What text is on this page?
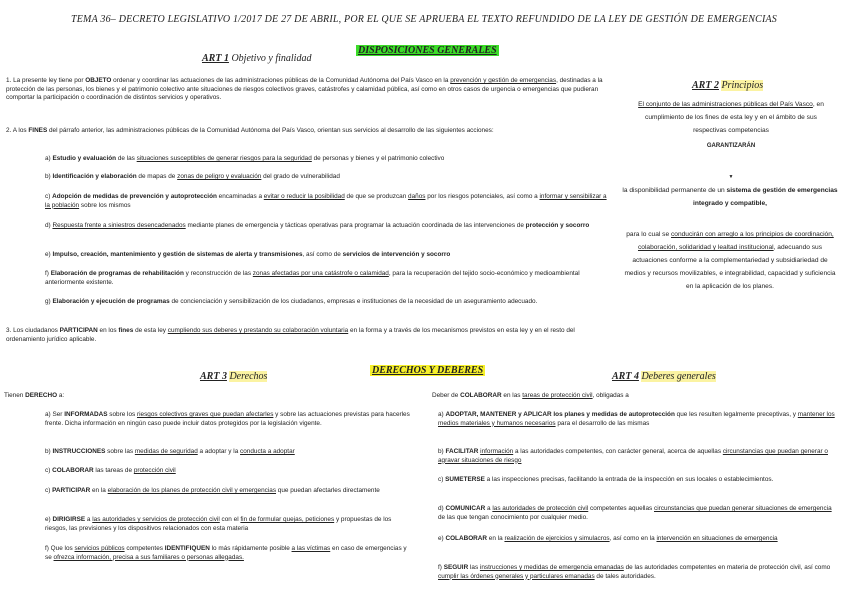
TEMA 36– DECRETO LEGISLATIVO 1/2017 DE 27 DE ABRIL, POR EL QUE SE APRUEBA EL TEXTO REFUNDIDO DE LA LEY DE GESTIÓN DE EMERGENCIAS
DISPOSICIONES GENERALES
ART 1 Objetivo y finalidad
1. La presente ley tiene por OBJETO ordenar y coordinar las actuaciones de las administraciones públicas de la Comunidad Autónoma del País Vasco en la prevención y gestión de emergencias, destinadas a la protección de las personas, los bienes y el patrimonio colectivo ante situaciones de riesgos colectivos graves, catástrofes y calamidad pública, así como en otros casos de urgencia o emergencias que pudieran comportar la participación o coordinación de distintos servicios y operativos.
2. A los FINES del párrafo anterior, las administraciones públicas de la Comunidad Autónoma del País Vasco, orientan sus servicios al desarrollo de las siguientes acciones:
a) Estudio y evaluación de las situaciones susceptibles de generar riesgos para la seguridad de personas y bienes y el patrimonio colectivo
b) Identificación y elaboración de mapas de zonas de peligro y evaluación del grado de vulnerabilidad
c) Adopción de medidas de prevención y autoprotección encaminadas a evitar o reducir la posibilidad de que se produzcan daños por los riesgos potenciales, así como a informar y sensibilizar a la población sobre los mismos
d) Respuesta frente a siniestros desencadenados mediante planes de emergencia y tácticas operativas para programar la actuación coordinada de las intervenciones de protección y socorro
e) Impulso, creación, mantenimiento y gestión de sistemas de alerta y transmisiones, así como de servicios de intervención y socorro
f) Elaboración de programas de rehabilitación y reconstrucción de las zonas afectadas por una catástrofe o calamidad, para la recuperación del tejido socio-económico y medioambiental anteriormente existente.
g) Elaboración y ejecución de programas de concienciación y sensibilización de los ciudadanos, empresas e instituciones de la necesidad de un aseguramiento adecuado.
3. Los ciudadanos PARTICIPAN en los fines de esta ley cumpliendo sus deberes y prestando su colaboración voluntaria en la forma y a través de los mecanismos previstos en esta ley y en el resto del ordenamiento jurídico aplicable.
ART 2 Principios
El conjunto de las administraciones públicas del País Vasco, en cumplimiento de los fines de esta ley y en el ámbito de sus respectivas competencias
GARANTIZARÁN
▼
la disponibilidad permanente de un sistema de gestión de emergencias integrado y compatible,
para lo cual se conducirán con arreglo a los principios de coordinación, colaboración, solidaridad y lealtad institucional, adecuando sus actuaciones conforme a la complementariedad y subsidiariedad de medios y recursos movilizables, e integrabilidad, capacidad y suficiencia en la aplicación de los planes.
DERECHOS Y DEBERES
ART 3 Derechos	ART 4 Deberes generales
Tienen DERECHO a:
a) Ser INFORMADAS sobre los riesgos colectivos graves que puedan afectarles y sobre las actuaciones previstas para hacerles frente. Dicha información en ningún caso puede incluir datos protegidos por la legislación vigente.
b) INSTRUCCIONES sobre las medidas de seguridad a adoptar y la conducta a adoptar
c) COLABORAR las tareas de protección civil
c) PARTICIPAR en la elaboración de los planes de protección civil y emergencias que puedan afectarles directamente
e) DIRIGIRSE a las autoridades y servicios de protección civil con el fin de formular quejas, peticiones y propuestas de los riesgos, las previsiones y los dispositivos relacionados con esta materia
f) Que los servicios públicos competentes IDENTIFIQUEN lo más rápidamente posible a las víctimas en caso de emergencias y se ofrezca información, precisa a sus familiares o personas allegadas.
Deber de COLABORAR en las tareas de protección civil, obligadas a
a) ADOPTAR, MANTENER y APLICAR los planes y medidas de autoprotección que les resulten legalmente preceptivas, y mantener los medios materiales y humanos necesarios para el desarrollo de las mismas
b) FACILITAR información a las autoridades competentes, con carácter general, acerca de aquellas circunstancias que puedan generar o agravar situaciones de riesgo
c) SUMETERSE a las inspecciones precisas, facilitando la entrada de la inspección en sus locales o establecimientos.
d) COMUNICAR a las autoridades de protección civil competentes aquellas circunstancias que puedan generar situaciones de emergencia de las que tengan conocimiento por cualquier medio.
e) COLABORAR en la realización de ejercicios y simulacros, así como en la intervención en situaciones de emergencia
f) SEGUIR las instrucciones y medidas de emergencia emanadas de las autoridades competentes en materia de protección civil, así como cumplir las órdenes generales y particulares emanadas de tales autoridades.
